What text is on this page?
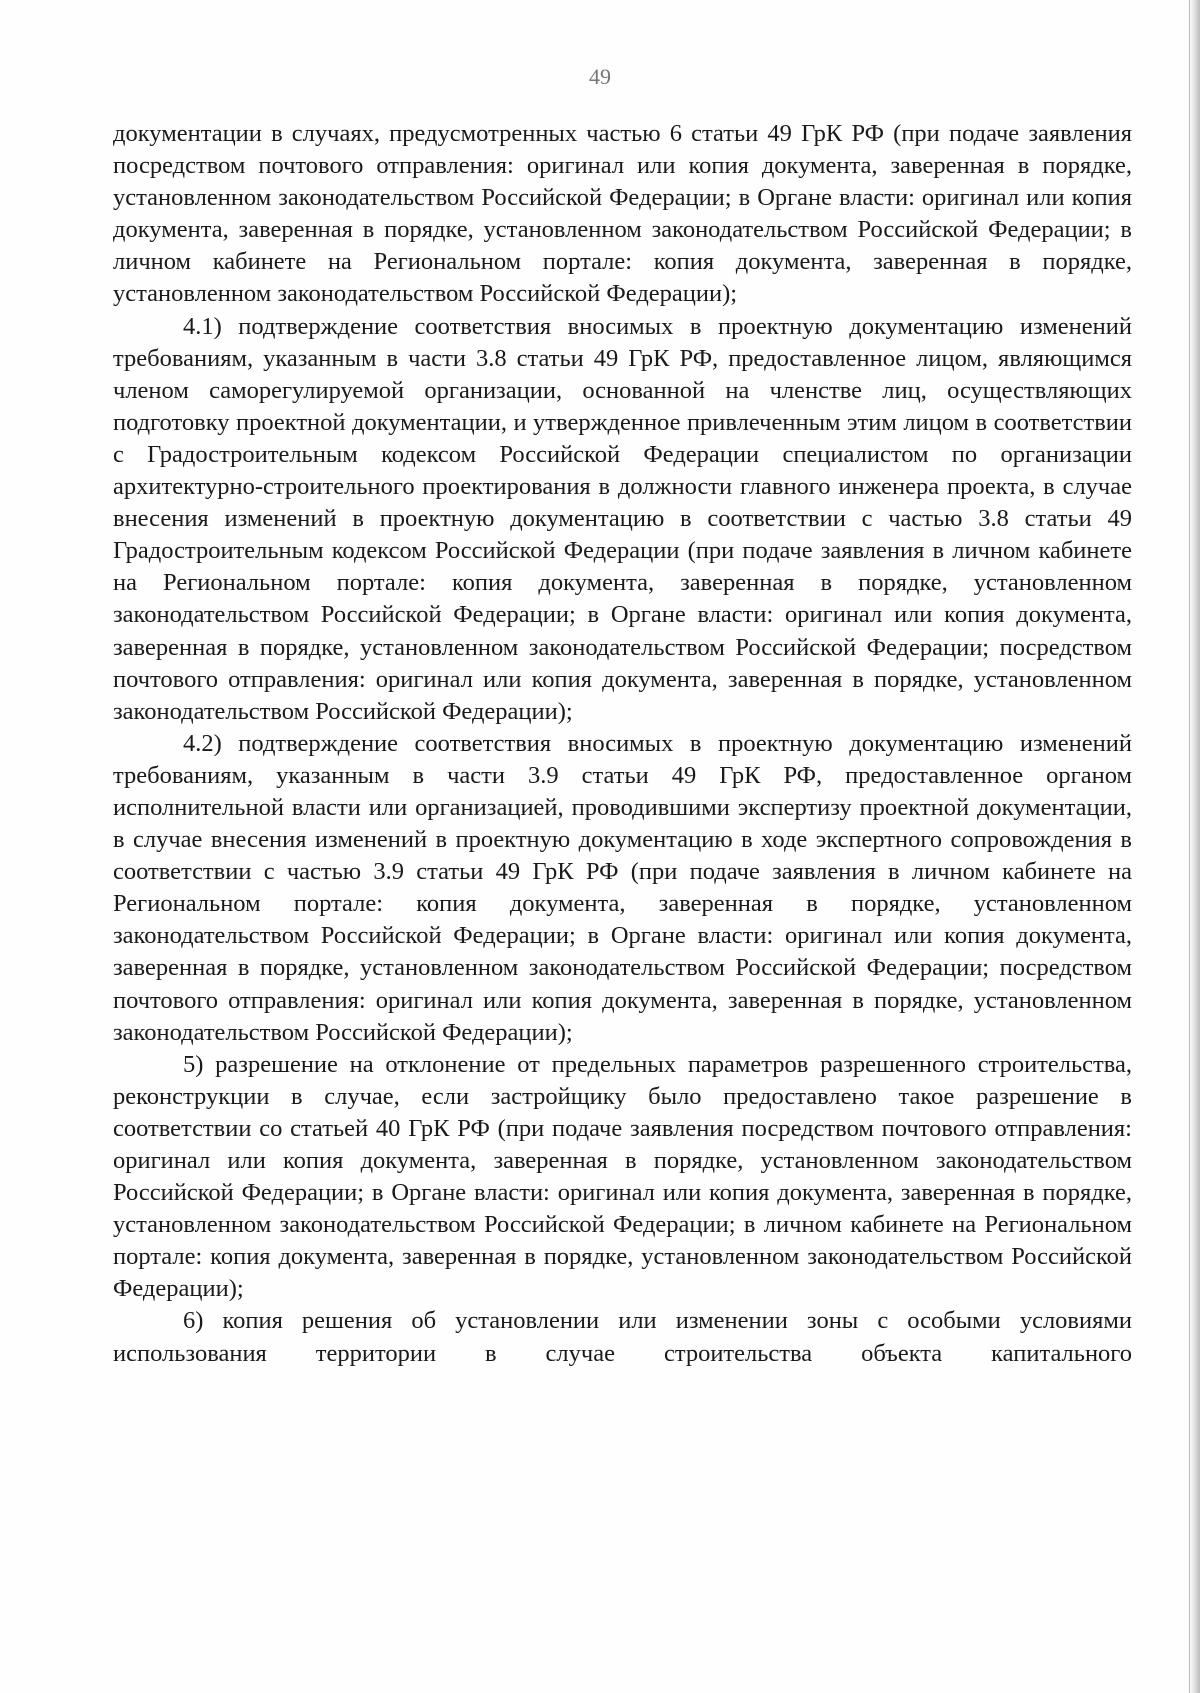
49

документации в случаях, предусмотренных частью 6 статьи 49 ГрК РФ (при подаче заявления посредством почтового отправления: оригинал или копия документа, заверенная в порядке, установленном законодательством Российской Федерации; в Органе власти: оригинал или копия документа, заверенная в порядке, установленном законодательством Российской Федерации; в личном кабинете на Региональном портале: копия документа, заверенная в порядке, установленном законодательством Российской Федерации);

4.1) подтверждение соответствия вносимых в проектную документацию изменений требованиям, указанным в части 3.8 статьи 49 ГрК РФ, предоставленное лицом, являющимся членом саморегулируемой организации, основанной на членстве лиц, осуществляющих подготовку проектной документации, и утвержденное привлеченным этим лицом в соответствии с Градостроительным кодексом Российской Федерации специалистом по организации архитектурно-строительного проектирования в должности главного инженера проекта, в случае внесения изменений в проектную документацию в соответствии с частью 3.8 статьи 49 Градостроительным кодексом Российской Федерации (при подаче заявления в личном кабинете на Региональном портале: копия документа, заверенная в порядке, установленном законодательством Российской Федерации; в Органе власти: оригинал или копия документа, заверенная в порядке, установленном законодательством Российской Федерации; посредством почтового отправления: оригинал или копия документа, заверенная в порядке, установленном законодательством Российской Федерации);

4.2) подтверждение соответствия вносимых в проектную документацию изменений требованиям, указанным в части 3.9 статьи 49 ГрК РФ, предоставленное органом исполнительной власти или организацией, проводившими экспертизу проектной документации, в случае внесения изменений в проектную документацию в ходе экспертного сопровождения в соответствии с частью 3.9 статьи 49 ГрК РФ (при подаче заявления в личном кабинете на Региональном портале: копия документа, заверенная в порядке, установленном законодательством Российской Федерации; в Органе власти: оригинал или копия документа, заверенная в порядке, установленном законодательством Российской Федерации; посредством почтового отправления: оригинал или копия документа, заверенная в порядке, установленном законодательством Российской Федерации);

5) разрешение на отклонение от предельных параметров разрешенного строительства, реконструкции в случае, если застройщику было предоставлено такое разрешение в соответствии со статьей 40 ГрК РФ (при подаче заявления посредством почтового отправления: оригинал или копия документа, заверенная в порядке, установленном законодательством Российской Федерации; в Органе власти: оригинал или копия документа, заверенная в порядке, установленном законодательством Российской Федерации; в личном кабинете на Региональном портале: копия документа, заверенная в порядке, установленном законодательством Российской Федерации);

6) копия решения об установлении или изменении зоны с особыми условиями использования территории в случае строительства объекта капитального
